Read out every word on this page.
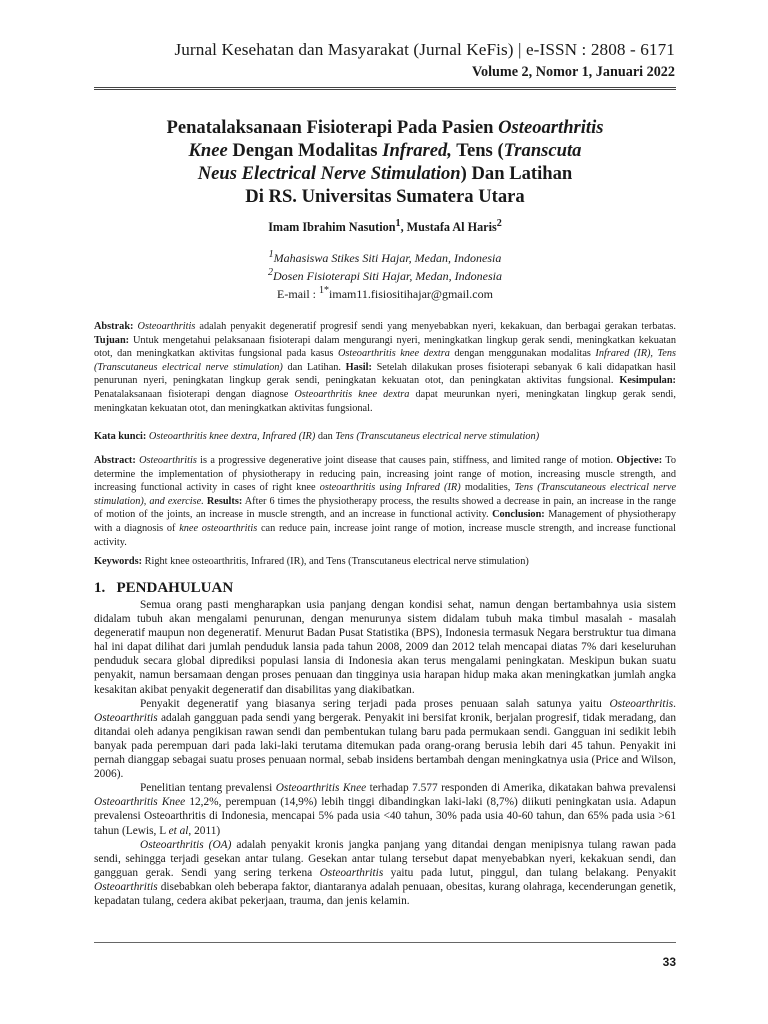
Jurnal Kesehatan dan Masyarakat (Jurnal KeFis) | e-ISSN : 2808 - 6171
Volume 2, Nomor 1, Januari 2022
Penatalaksanaan Fisioterapi Pada Pasien Osteoarthritis
Knee Dengan Modalitas Infrared, Tens (Transcuta
Neus Electrical Nerve Stimulation) Dan Latihan
Di RS. Universitas Sumatera Utara
Imam Ibrahim Nasution$^1$, Mustafa Al Haris$^2$
$^1$Mahasiswa Stikes Siti Hajar, Medan, Indonesia
$^2$Dosen Fisioterapi Siti Hajar, Medan, Indonesia
E-mail : $^{1*}$imam11.fisiositihajar@gmail.com

Abstrak: Osteoarthritis adalah penyakit degeneratif progresif sendi yang menyebabkan nyeri, kekakuan, dan berbagai gerakan terbatas. Tujuan: Untuk mengetahui pelaksanaan fisioterapi dalam mengurangi nyeri, meningkatkan lingkup gerak sendi, meningkatkan kekuatan otot, dan meningkatkan aktivitas fungsional pada kasus Osteoarthritis knee dextra dengan menggunakan modalitas Infrared (IR), Tens (Transcutaneus electrical nerve stimulation) dan Latihan. Hasil: Setelah dilakukan proses fisioterapi sebanyak 6 kali didapatkan hasil penurunan nyeri, peningkatan lingkup gerak sendi, peningkatan kekuatan otot, dan peningkatan aktivitas fungsional. Kesimpulan: Penatalaksanaan fisioterapi dengan diagnose Osteoarthritis knee dextra dapat meurunkan nyeri, meningkatan lingkup gerak sendi, meningkatan kekuatan otot, dan meningkatkan aktivitas fungsional.

Kata kunci: Osteoarthritis knee dextra, Infrared (IR) dan Tens (Transcutaneus electrical nerve stimulation)

Abstract: Osteoarthritis is a progressive degenerative joint disease that causes pain, stiffness, and limited range of motion. Objective: To determine the implementation of physiotherapy in reducing pain, increasing joint range of motion, increasing muscle strength, and increasing functional activity in cases of right knee osteoarthritis using Infrared (IR) modalities, Tens (Transcutaneous electrical nerve stimulation), and exercise. Results: After 6 times the physiotherapy process, the results showed a decrease in pain, an increase in the range of motion of the joints, an increase in muscle strength, and an increase in functional activity. Conclusion: Management of physiotherapy with a diagnosis of knee osteoarthritis can reduce pain, increase joint range of motion, increase muscle strength, and increase functional activity.

Keywords: Right knee osteoarthritis, Infrared (IR), and Tens (Transcutaneus electrical nerve stimulation)

1. PENDAHULUAN

Semua orang pasti mengharapkan usia panjang dengan kondisi sehat, namun dengan bertambahnya usia sistem didalam tubuh akan mengalami penurunan, dengan menurunya sistem didalam tubuh maka timbul masalah - masalah degeneratif maupun non degeneratif. Menurut Badan Pusat Statistika (BPS), Indonesia termasuk Negara berstruktur tua dimana hal ini dapat dilihat dari jumlah penduduk lansia pada tahun 2008, 2009 dan 2012 telah mencapai diatas 7% dari keseluruhan penduduk secara global diprediksi populasi lansia di Indonesia akan terus mengalami peningkatan. Meskipun bukan suatu penyakit, namun bersamaan dengan proses penuaan dan tingginya usia harapan hidup maka akan meningkatkan jumlah angka kesakitan akibat penyakit degeneratif dan disabilitas yang diakibatkan.

Penyakit degeneratif yang biasanya sering terjadi pada proses penuaan salah satunya yaitu Osteoarthritis. Osteoarthritis adalah gangguan pada sendi yang bergerak. Penyakit ini bersifat kronik, berjalan progresif, tidak meradang, dan ditandai oleh adanya pengikisan rawan sendi dan pembentukan tulang baru pada permukaan sendi. Gangguan ini sedikit lebih banyak pada perempuan dari pada laki-laki terutama ditemukan pada orang-orang berusia lebih dari 45 tahun. Penyakit ini pernah dianggap sebagai suatu proses penuaan normal, sebab insidens bertambah dengan meningkatnya usia (Price and Wilson, 2006).

Penelitian tentang prevalensi Osteoarthritis Knee terhadap 7.577 responden di Amerika, dikatakan bahwa prevalensi Osteoarthritis Knee 12,2%, perempuan (14,9%) lebih tinggi dibandingkan laki-laki (8,7%) diikuti peningkatan usia. Adapun prevalensi Osteoarthritis di Indonesia, mencapai 5% pada usia <40 tahun, 30% pada usia 40-60 tahun, dan 65% pada usia >61 tahun (Lewis, L et al, 2011)

Osteoarthritis (OA) adalah penyakit kronis jangka panjang yang ditandai dengan menipisnya tulang rawan pada sendi, sehingga terjadi gesekan antar tulang. Gesekan antar tulang tersebut dapat menyebabkan nyeri, kekakuan sendi, dan gangguan gerak. Sendi yang sering terkena Osteoarthritis yaitu pada lutut, pinggul, dan tulang belakang. Penyakit Osteoarthritis disebabkan oleh beberapa faktor, diantaranya adalah penuaan, obesitas, kurang olahraga, kecenderungan genetik, kepadatan tulang, cedera akibat pekerjaan, trauma, dan jenis kelamin.

33
